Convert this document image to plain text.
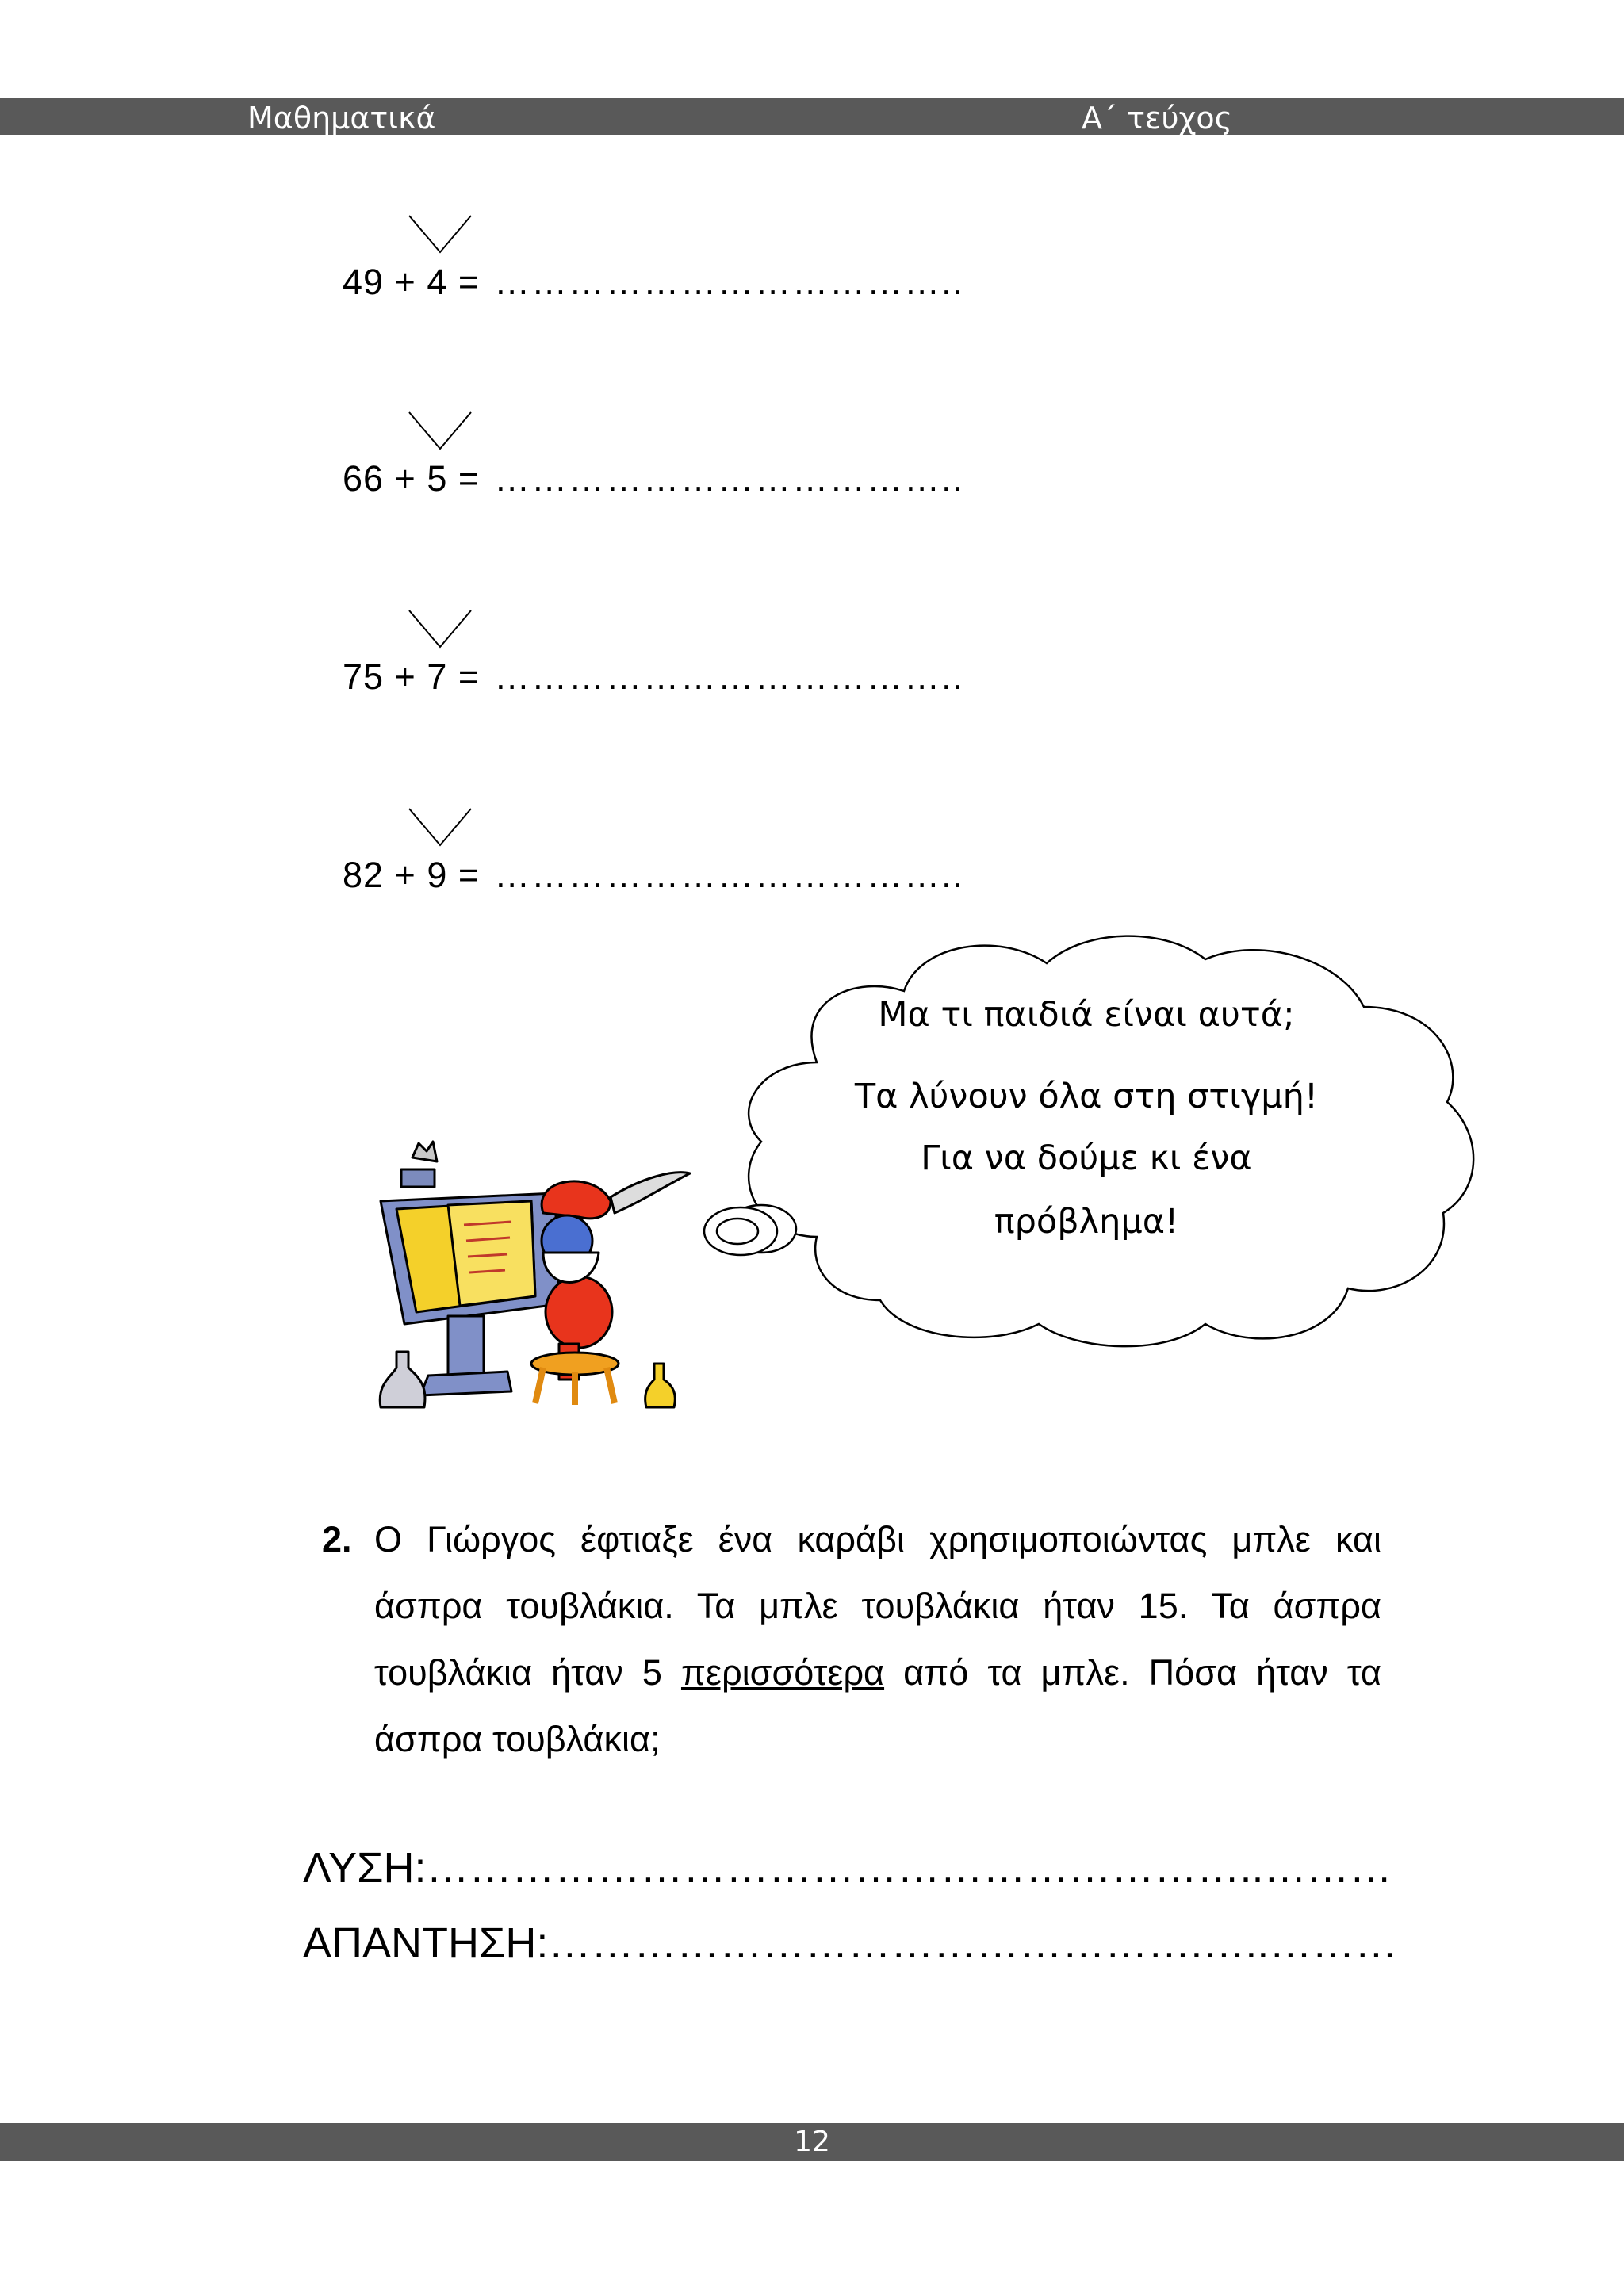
Μαθηματικά	Α΄ τεύχος
49 + 4 = ………………………………..
66 + 5 = ………………………………..
75 + 7 = ………………………………..
82 + 9 = ………………………………..
Μα τι παιδιά είναι αυτά;
Τα λύνουν όλα στη στιγμή!
Για να δούμε κι ένα
πρόβλημα!
2. Ο Γιώργος έφτιαξε ένα καράβι χρησιμοποιώντας μπλε και άσπρα τουβλάκια. Τα μπλε τουβλάκια ήταν 15. Τα άσπρα τουβλάκια ήταν 5 περισσότερα από τα μπλε. Πόσα ήταν τα άσπρα τουβλάκια;
ΛΥΣΗ:…………………………………………………..………
ΑΠΑΝΤΗΣΗ:……………………………………….…..………
12
